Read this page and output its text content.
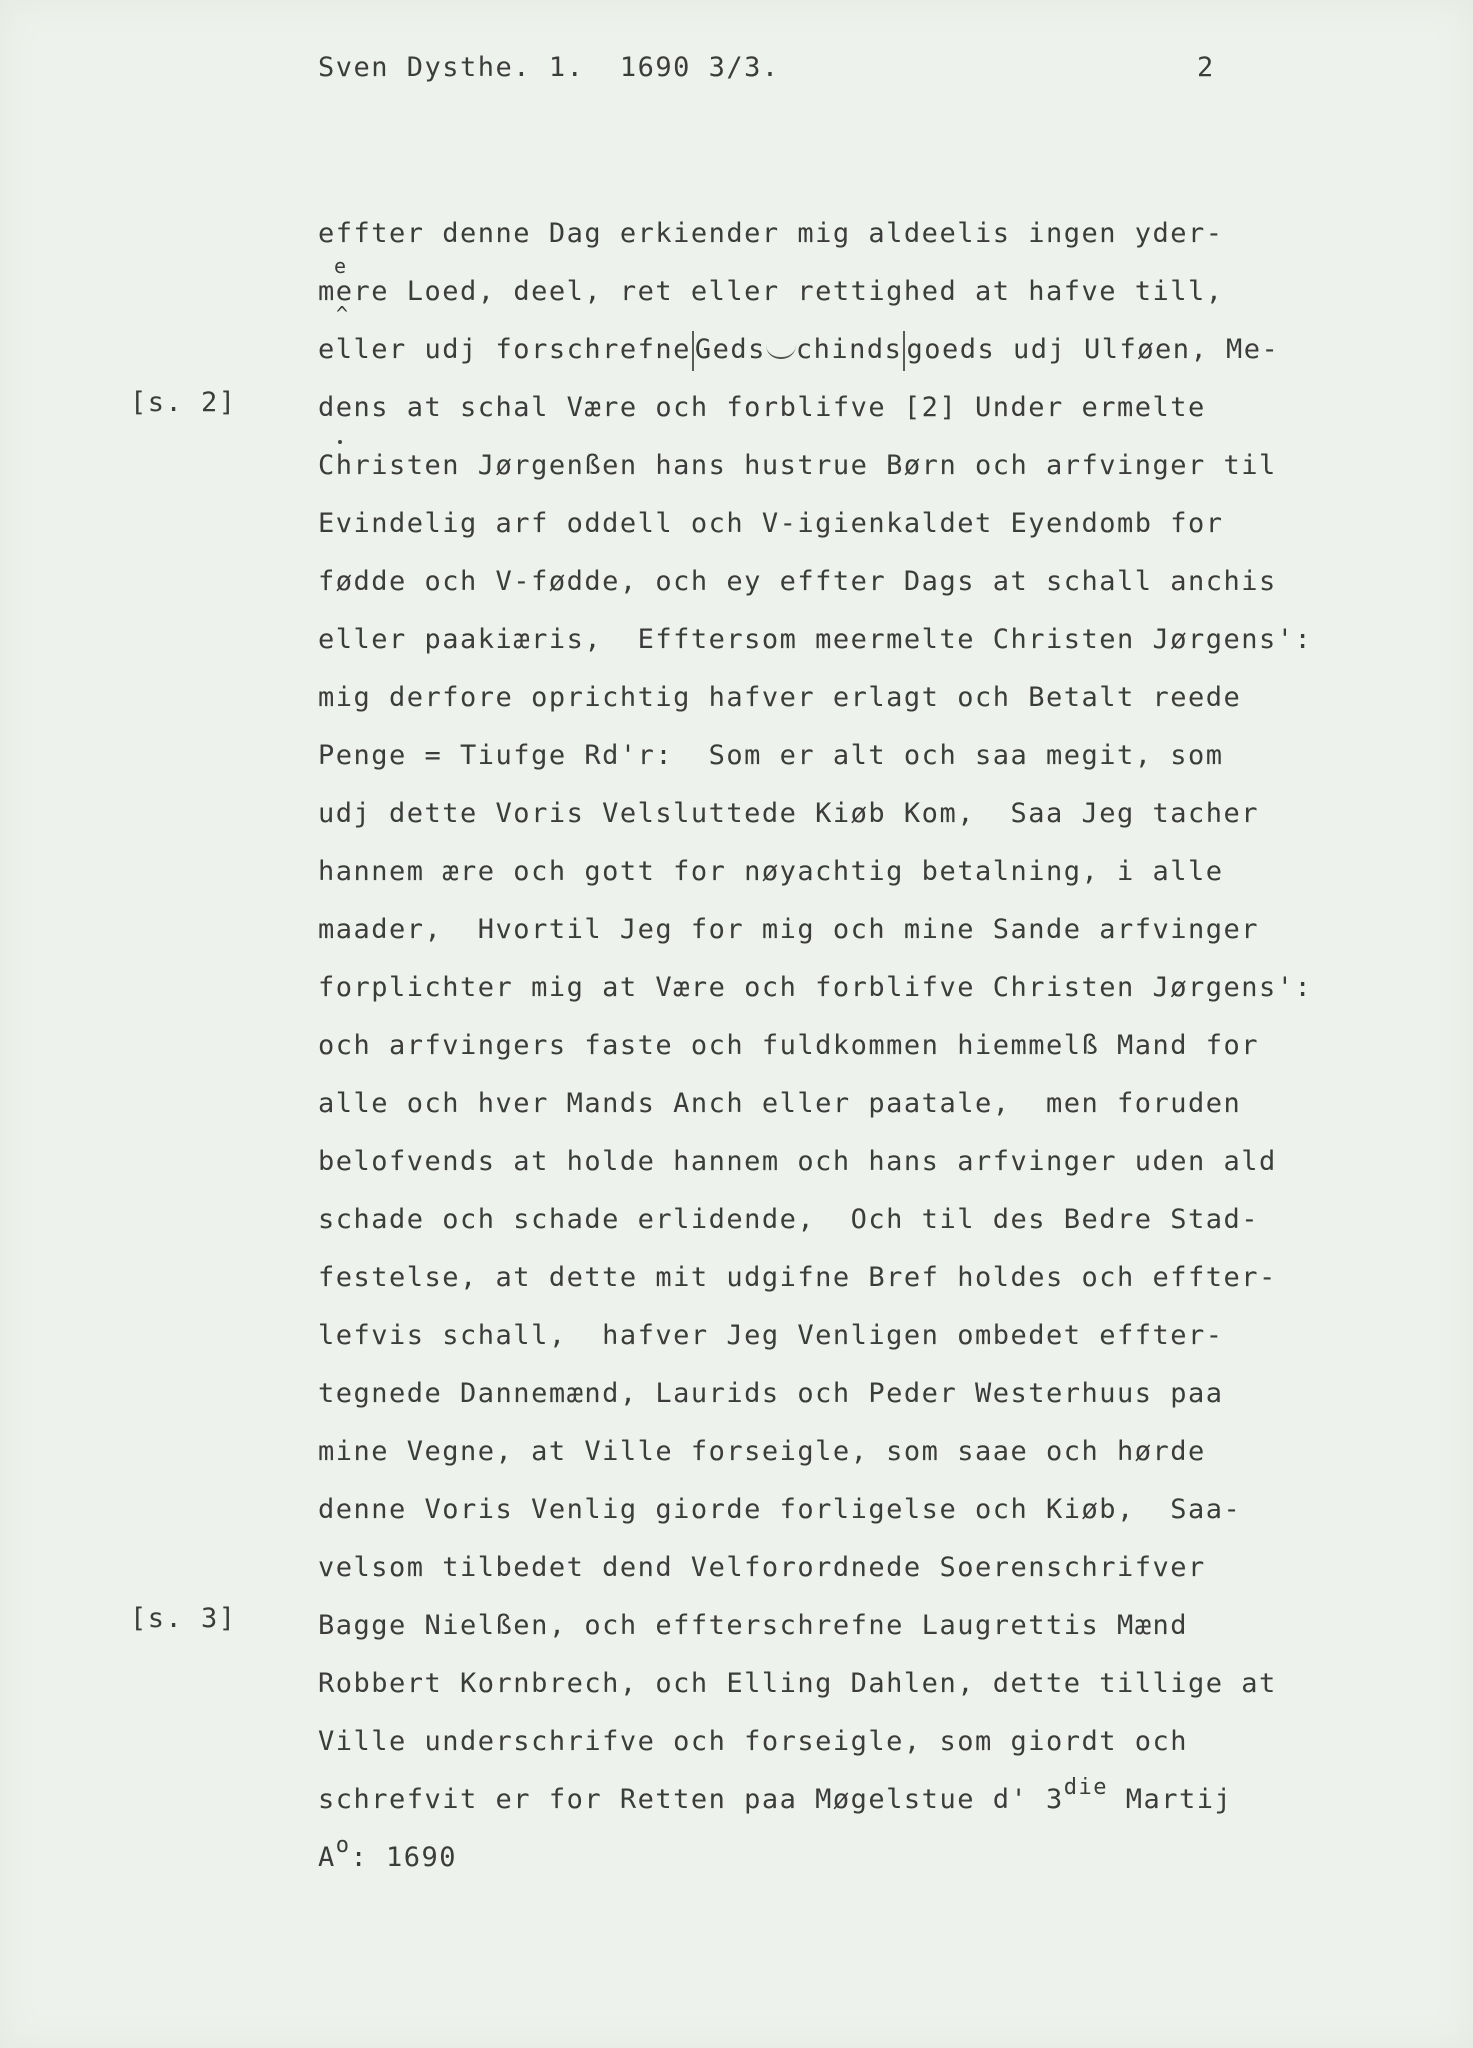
Sven Dysthe. 1.  1690 3/3.	2
[s. 2]
[s. 3]
effter denne Dag erkiender mig aldeelis ingen yder-
me
e
^
re Loed, deel, ret eller rettighed at hafve till,
eller udj forschrefne Geds chinds goeds udj Ulføen, Me-
dens at schal Være och forblifve [2] Under ermelte
Christen Jørgenßen hans hustrue Børn och arfvinger til
Evindelig arf oddell och V-igienkaldet Eyendomb for
fødde och V-fødde, och ey effter Dags at schall anchis
eller paakiæris,  Efftersom meermelte Christen Jørgens':
mig derfore oprichtig hafver erlagt och Betalt reede
Penge = Tiufge Rd'r:  Som er alt och saa megit, som
udj dette Voris Velsluttede Kiøb Kom,  Saa Jeg tacher
hannem ære och gott for nøyachtig betalning, i alle
maader,  Hvortil Jeg for mig och mine Sande arfvinger
forplichter mig at Være och forblifve Christen Jørgens':
och arfvingers faste och fuldkommen hiemmelß Mand for
alle och hver Mands Anch eller paatale,  men foruden
belofvends at holde hannem och hans arfvinger uden ald
schade och schade erlidende,  Och til des Bedre Stad-
festelse, at dette mit udgifne Bref holdes och effter-
lefvis schall,  hafver Jeg Venligen ombedet effter-
tegnede Dannemænd, Laurids och Peder Westerhuus paa
mine Vegne, at Ville forseigle, som saae och hørde
denne Voris Venlig giorde forligelse och Kiøb,  Saa-
velsom tilbedet dend Velforordnede Soerenschrifver
Bagge Nielßen, och effterschrefne Laugrettis Mænd
Robbert Kornbrech, och Elling Dahlen, dette tillige at
Ville underschrifve och forseigle, som giordt och
schrefvit er for Retten paa Møgelstue d' $3^{die}$ Martij
$A^o$: 1690
